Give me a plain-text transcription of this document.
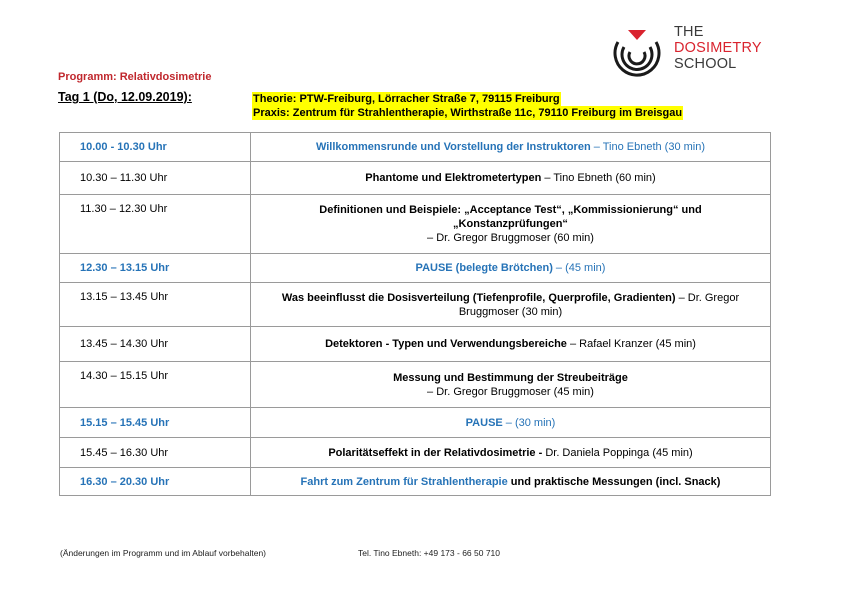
THE
DOSIMETRY
SCHOOL
Programm: Relativdosimetrie
Tag 1 (Do, 12.09.2019):	Theorie: PTW-Freiburg, Lörracher Straße 7, 79115 Freiburg
Praxis: Zentrum für Strahlentherapie, Wirthstraße 11c, 79110 Freiburg im Breisgau
10.00 - 10.30 Uhr	Willkommensrunde und Vorstellung der Instruktoren – Tino Ebneth (30 min)
10.30 – 11.30 Uhr	Phantome und Elektrometertypen – Tino Ebneth (60 min)
11.30 – 12.30 Uhr	Definitionen und Beispiele: „Acceptance Test“, „Kommissionierung“ und „Konstanzprüfungen“
– Dr. Gregor Bruggmoser (60 min)

12.30 – 13.15 Uhr	PAUSE (belegte Brötchen) – (45 min)
13.15 – 13.45 Uhr	Was beeinflusst die Dosisverteilung (Tiefenprofile, Querprofile, Gradienten) – Dr. Gregor Bruggmoser (30 min)
13.45 – 14.30 Uhr	Detektoren - Typen und Verwendungsbereiche – Rafael Kranzer (45 min)
14.30 – 15.15 Uhr	Messung und Bestimmung der Streubeiträge
– Dr. Gregor Bruggmoser (45 min)

15.15 – 15.45 Uhr	PAUSE – (30 min)
15.45 – 16.30 Uhr	Polaritätseffekt in der Relativdosimetrie - Dr. Daniela Poppinga (45 min)
16.30 – 20.30 Uhr	Fahrt zum Zentrum für Strahlentherapie und praktische Messungen (incl. Snack)
(Änderungen im Programm und im Ablauf vorbehalten)	Tel. Tino Ebneth: +49 173 - 66 50 710
